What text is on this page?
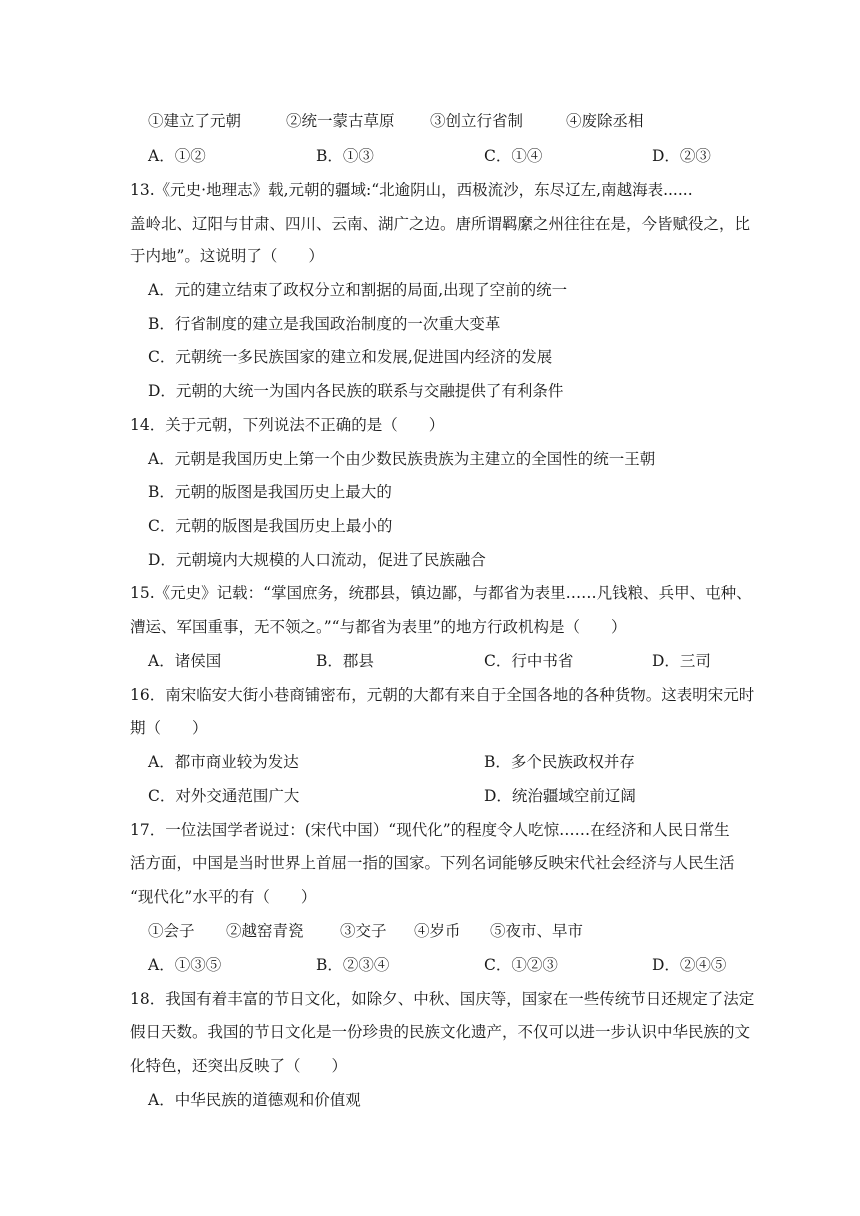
①建立了元朝	②统一蒙古草原 ③创立行省制	④废除丞相
A．①②	B．①③	C．①④	D．②③
13.《元史·地理志》载,元朝的疆域:“北逾阴山，西极流沙，东尽辽左,南越海表......
盖岭北、辽阳与甘肃、四川、云南、湖广之边。唐所谓羁縻之州往往在是，今皆赋役之，比
于内地”。这说明了（　　）
A．元的建立结束了政权分立和割据的局面,出现了空前的统一
B．行省制度的建立是我国政治制度的一次重大变革
C．元朝统一多民族国家的建立和发展,促进国内经济的发展
D．元朝的大统一为国内各民族的联系与交融提供了有利条件
14．关于元朝，下列说法不正确的是（　　）
A．元朝是我国历史上第一个由少数民族贵族为主建立的全国性的统一王朝
B．元朝的版图是我国历史上最大的
C．元朝的版图是我国历史上最小的
D．元朝境内大规模的人口流动，促进了民族融合
15.《元史》记载：“掌国庶务，统郡县，镇边鄙，与都省为表里……凡钱粮、兵甲、屯种、
漕运、军国重事，无不领之。”“与都省为表里”的地方行政机构是（　　）
A．诸侯国	B．郡县	C．行中书省	D．三司
16．南宋临安大街小巷商铺密布，元朝的大都有来自于全国各地的各种货物。这表明宋元时
期（　　）
A．都市商业较为发达	B．多个民族政权并存
C．对外交通范围广大	D．统治疆域空前辽阔
17．一位法国学者说过：(宋代中国）“现代化”的程度令人吃惊……在经济和人民日常生
活方面，中国是当时世界上首屈一指的国家。下列名词能够反映宋代社会经济与人民生活
“现代化”水平的有（　　）
①会子 ②越窑青瓷 ③交子 ④岁币 ⑤夜市、早市
A．①③⑤	B．②③④	C．①②③	D．②④⑤
18．我国有着丰富的节日文化，如除夕、中秋、国庆等，国家在一些传统节日还规定了法定
假日天数。我国的节日文化是一份珍贵的民族文化遗产，不仅可以进一步认识中华民族的文
化特色，还突出反映了（　　）
A．中华民族的道德观和价值观
